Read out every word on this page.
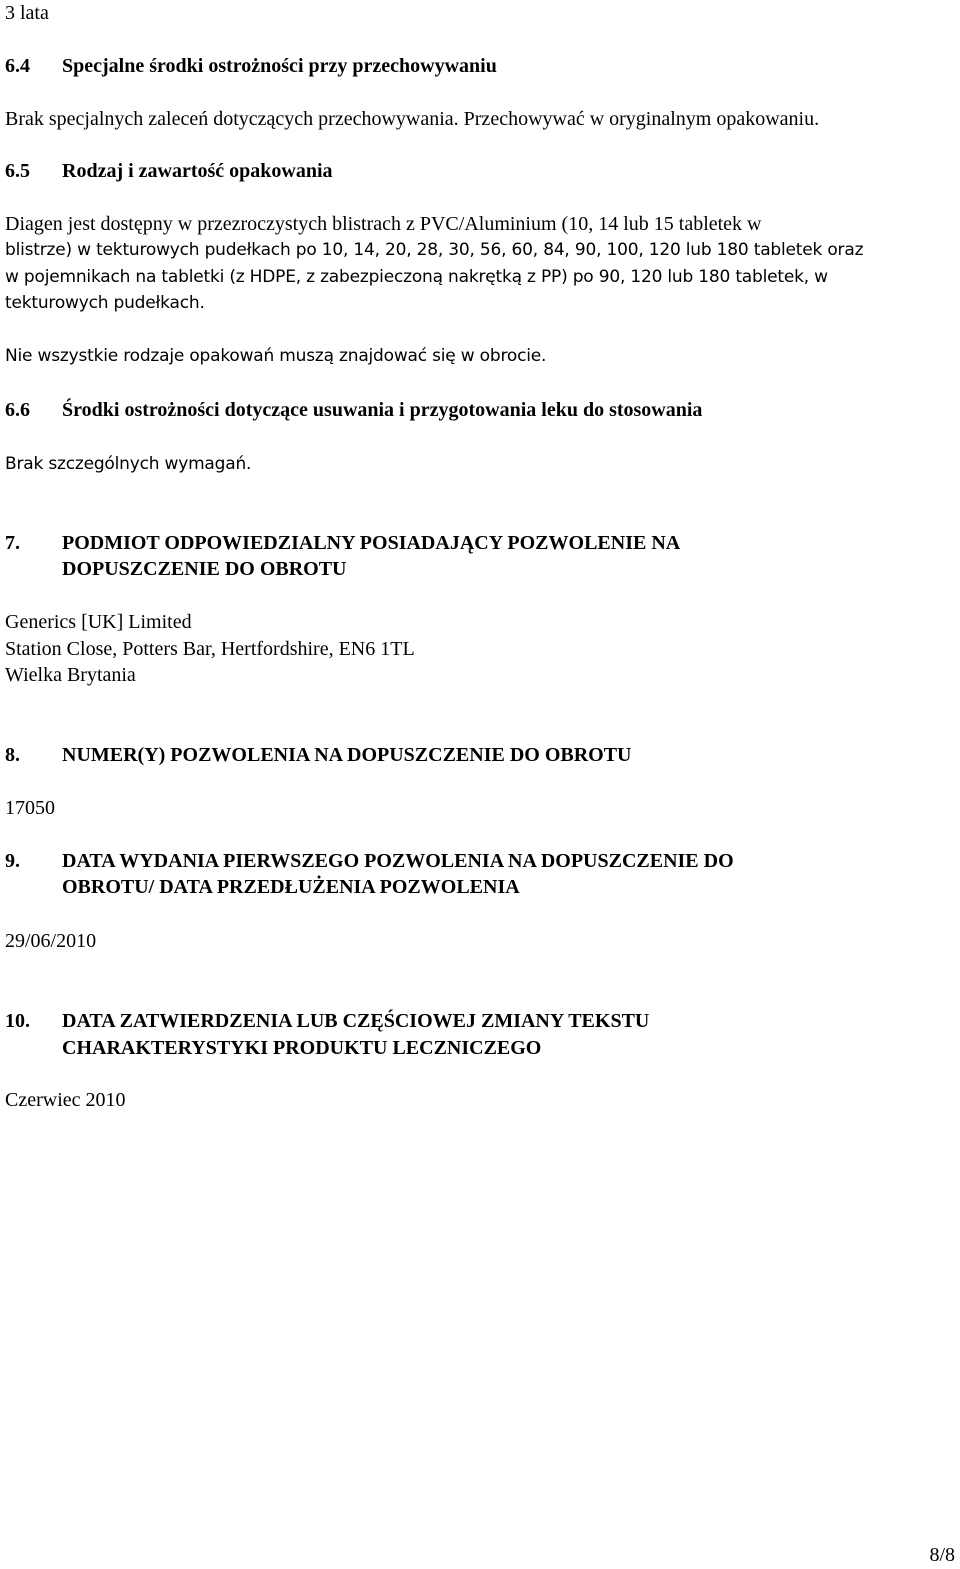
3 lata
6.4 Specjalne środki ostrożności przy przechowywaniu
Brak specjalnych zaleceń dotyczących przechowywania. Przechowywać w oryginalnym opakowaniu.
6.5 Rodzaj i zawartość opakowania
Diagen jest dostępny w przezroczystych blistrach z PVC/Aluminium (10, 14 lub 15 tabletek w
blistrze) w tekturowych pudełkach po 10, 14, 20, 28, 30, 56, 60, 84, 90, 100, 120 lub 180 tabletek oraz
w pojemnikach na tabletki (z HDPE, z zabezpieczoną nakrętką z PP) po 90, 120 lub 180 tabletek, w
tekturowych pudełkach.
Nie wszystkie rodzaje opakowań muszą znajdować się w obrocie.
6.6 Środki ostrożności dotyczące usuwania i przygotowania leku do stosowania
Brak szczególnych wymagań.
7. PODMIOT ODPOWIEDZIALNY POSIADAJĄCY POZWOLENIE NA
DOPUSZCZENIE DO OBROTU
Generics [UK] Limited
Station Close, Potters Bar, Hertfordshire, EN6 1TL
Wielka Brytania
8. NUMER(Y) POZWOLENIA NA DOPUSZCZENIE DO OBROTU
17050
9. DATA WYDANIA PIERWSZEGO POZWOLENIA NA DOPUSZCZENIE DO
OBROTU/ DATA PRZEDŁUŻENIA POZWOLENIA
29/06/2010
10. DATA ZATWIERDZENIA LUB CZĘŚCIOWEJ ZMIANY TEKSTU
CHARAKTERYSTYKI PRODUKTU LECZNICZEGO
Czerwiec 2010
8/8
